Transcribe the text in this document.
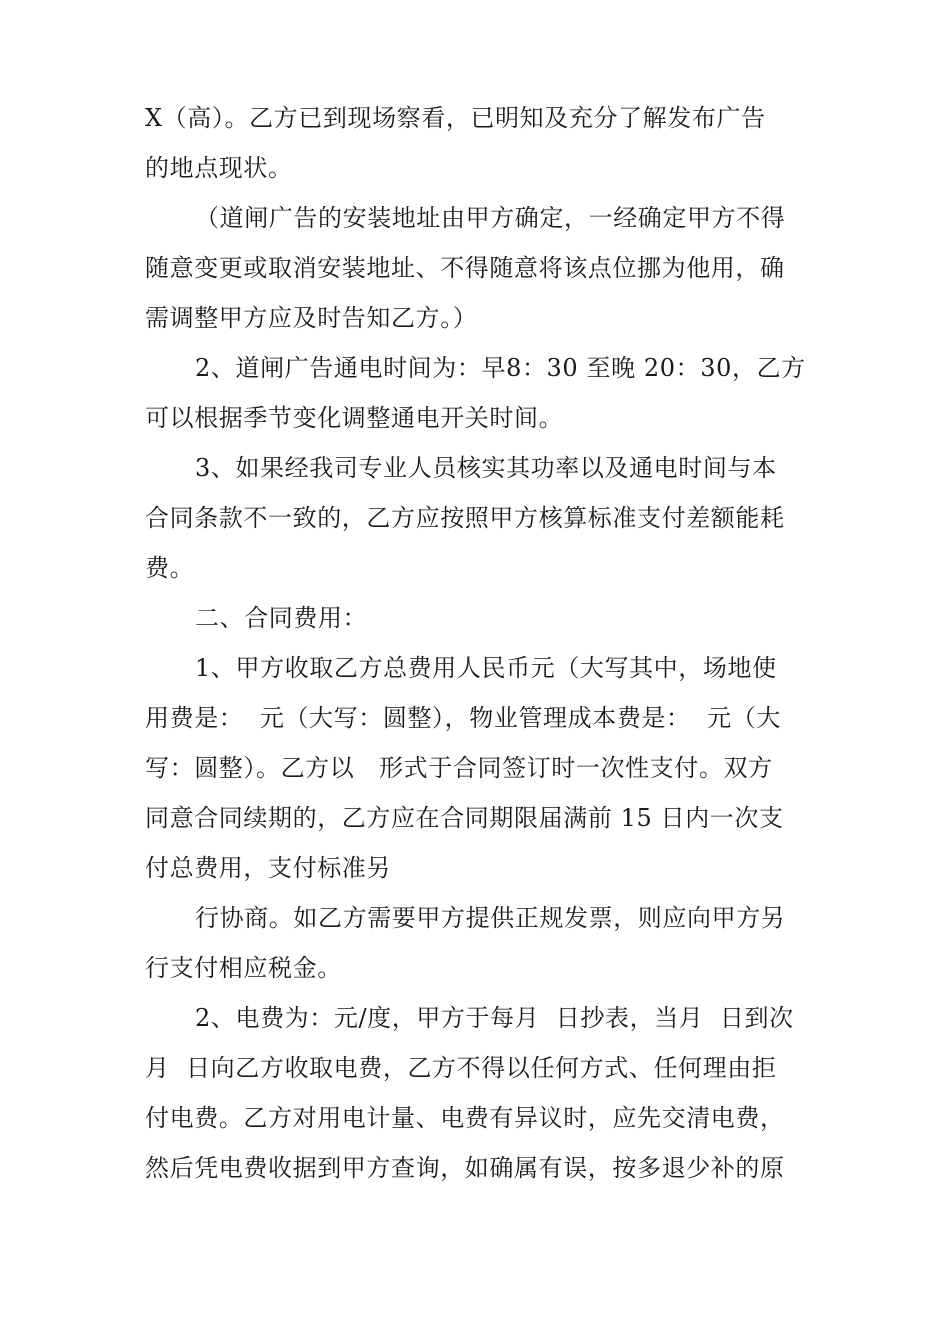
X（高）。乙方已到现场察看，已明知及充分了解发布广告
的地点现状。
（道闸广告的安装地址由甲方确定，一经确定甲方不得
随意变更或取消安装地址、不得随意将该点位挪为他用，确
需调整甲方应及时告知乙方。）
2、道闸广告通电时间为：早8：30 至晚 20：30，乙方
可以根据季节变化调整通电开关时间。
3、如果经我司专业人员核实其功率以及通电时间与本
合同条款不一致的，乙方应按照甲方核算标准支付差额能耗
费。
二、合同费用：
1、甲方收取乙方总费用人民币元（大写其中，场地使
用费是：  元（大写：圆整），物业管理成本费是：  元（大
写：圆整）。乙方以   形式于合同签订时一次性支付。双方
同意合同续期的，乙方应在合同期限届满前 15 日内一次支
付总费用，支付标准另
行协商。如乙方需要甲方提供正规发票，则应向甲方另
行支付相应税金。
2、电费为：元/度，甲方于每月  日抄表，当月  日到次
月  日向乙方收取电费，乙方不得以任何方式、任何理由拒
付电费。乙方对用电计量、电费有异议时，应先交清电费，
然后凭电费收据到甲方查询，如确属有误，按多退少补的原
